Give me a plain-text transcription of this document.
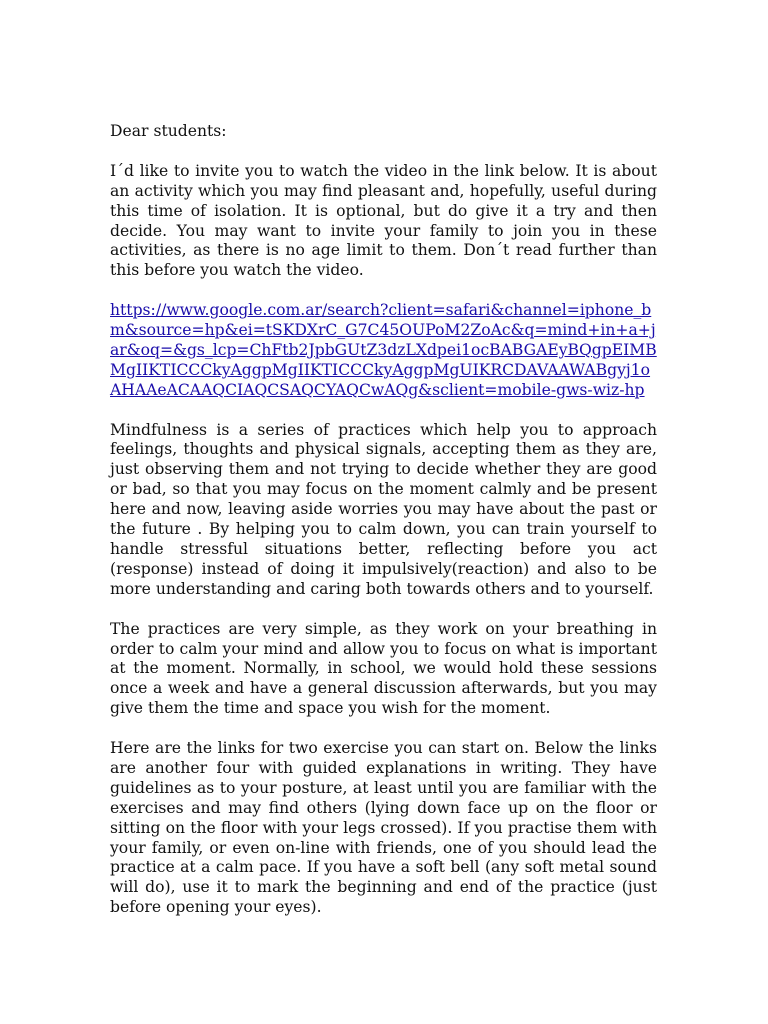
Dear students:

I´d like to invite you to watch the video in the link below. It is about an activity which you may find pleasant and, hopefully, useful during this time of isolation. It is optional, but do give it a try and then decide. You may want to invite your family to join you in these activities, as there is no age limit to them. Don´t read further than this before you watch the video.

https://www.google.com.ar/search?client=safari&channel=iphone_bm&source=hp&ei=tSKDXrC_G7C45OUPoM2ZoAc&q=mind+in+a+jar&oq=&gs_lcp=ChFtb2JpbGUtZ3dzLXdpei1ocBABGAEyBQgpEIMBMgIIKTICCCkyAggpMgIIKTICCCkyAggpMgUIKRCDAVAAWABgyj1oAHAAeACAAQCIAQCSAQCYAQCwAQg&sclient=mobile-gws-wiz-hp

Mindfulness is a series of practices which help you to approach feelings, thoughts and physical signals, accepting them as they are, just observing them and not trying to decide whether they are good or bad, so that you may focus on the moment calmly and be present here and now, leaving aside worries you may have about the past or the future . By helping you to calm down, you can train yourself to handle stressful situations better, reflecting before you act (response) instead of doing it impulsively(reaction) and also to be more understanding and caring both towards others and to yourself.

The practices are very simple, as they work on your breathing in order to calm your mind and allow you to focus on what is important at the moment. Normally, in school, we would hold these sessions once a week and have a general discussion afterwards, but you may give them the time and space you wish for the moment.

Here are the links for two exercise you can start on. Below the links are another four with guided explanations in writing. They have guidelines as to your posture, at least until you are familiar with the exercises and may find others (lying down face up on the floor or sitting on the floor with your legs crossed). If you practise them with your family, or even on-line with friends, one of you should lead the practice at a calm pace. If you have a soft bell (any soft metal sound will do), use it to mark the beginning and end of the practice (just before opening your eyes).
